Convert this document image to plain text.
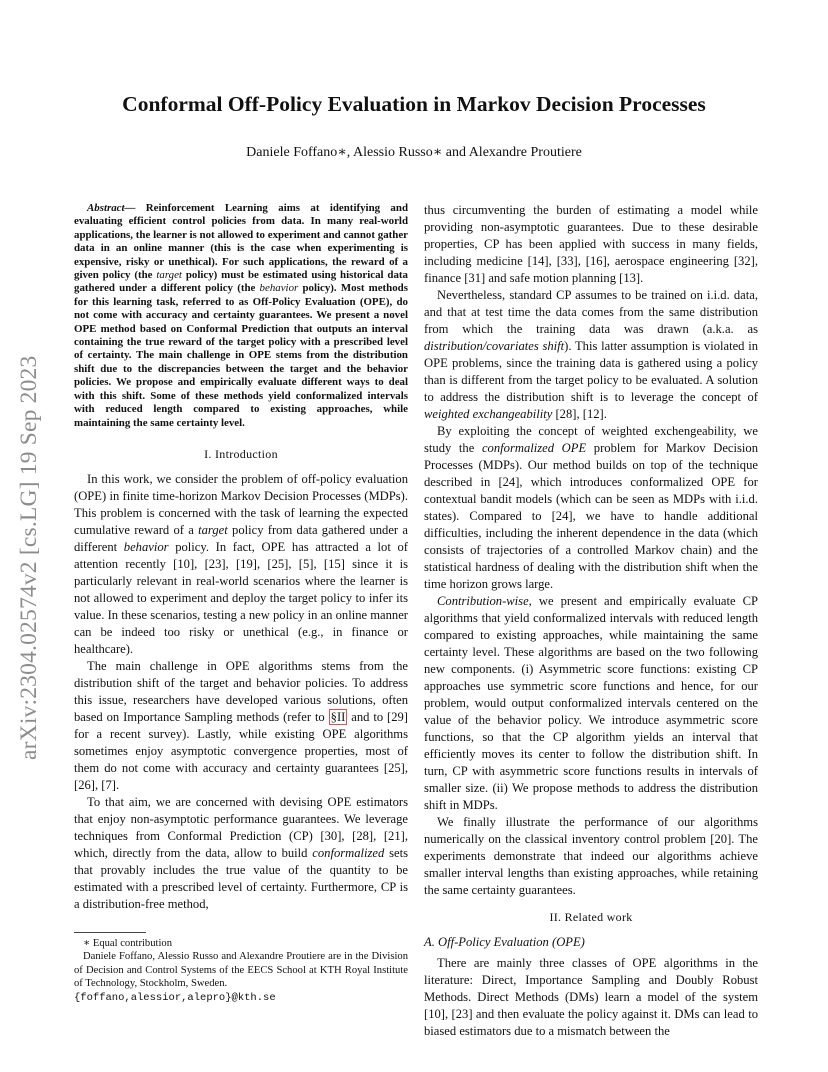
arXiv:2304.02574v2 [cs.LG] 19 Sep 2023
Conformal Off-Policy Evaluation in Markov Decision Processes
Daniele Foffano∗, Alessio Russo∗ and Alexandre Proutiere

Abstract— Reinforcement Learning aims at identifying and evaluating efficient control policies from data. In many real-world applications, the learner is not allowed to experiment and cannot gather data in an online manner (this is the case when experimenting is expensive, risky or unethical). For such applications, the reward of a given policy (the target policy) must be estimated using historical data gathered under a different policy (the behavior policy). Most methods for this learning task, referred to as Off-Policy Evaluation (OPE), do not come with accuracy and certainty guarantees. We present a novel OPE method based on Conformal Prediction that outputs an interval containing the true reward of the target policy with a prescribed level of certainty. The main challenge in OPE stems from the distribution shift due to the discrepancies between the target and the behavior policies. We propose and empirically evaluate different ways to deal with this shift. Some of these methods yield conformalized intervals with reduced length compared to existing approaches, while maintaining the same certainty level.

I. Introduction

In this work, we consider the problem of off-policy evaluation (OPE) in finite time-horizon Markov Decision Processes (MDPs). This problem is concerned with the task of learning the expected cumulative reward of a target policy from data gathered under a different behavior policy. In fact, OPE has attracted a lot of attention recently [10], [23], [19], [25], [5], [15] since it is particularly relevant in real-world scenarios where the learner is not allowed to experiment and deploy the target policy to infer its value. In these scenarios, testing a new policy in an online manner can be indeed too risky or unethical (e.g., in finance or healthcare).

The main challenge in OPE algorithms stems from the distribution shift of the target and behavior policies. To address this issue, researchers have developed various solutions, often based on Importance Sampling methods (refer to §II and to [29] for a recent survey). Lastly, while existing OPE algorithms sometimes enjoy asymptotic convergence properties, most of them do not come with accuracy and certainty guarantees [25], [26], [7].

To that aim, we are concerned with devising OPE estimators that enjoy non-asymptotic performance guarantees. We leverage techniques from Conformal Prediction (CP) [30], [28], [21], which, directly from the data, allow to build conformalized sets that provably includes the true value of the quantity to be estimated with a prescribed level of certainty. Furthermore, CP is a distribution-free method,

thus circumventing the burden of estimating a model while providing non-asymptotic guarantees. Due to these desirable properties, CP has been applied with success in many fields, including medicine [14], [33], [16], aerospace engineering [32], finance [31] and safe motion planning [13].

Nevertheless, standard CP assumes to be trained on i.i.d. data, and that at test time the data comes from the same distribution from which the training data was drawn (a.k.a. as distribution/covariates shift). This latter assumption is violated in OPE problems, since the training data is gathered using a policy than is different from the target policy to be evaluated. A solution to address the distribution shift is to leverage the concept of weighted exchangeability [28], [12].

By exploiting the concept of weighted exchengeability, we study the conformalized OPE problem for Markov Decision Processes (MDPs). Our method builds on top of the technique described in [24], which introduces conformalized OPE for contextual bandit models (which can be seen as MDPs with i.i.d. states). Compared to [24], we have to handle additional difficulties, including the inherent dependence in the data (which consists of trajectories of a controlled Markov chain) and the statistical hardness of dealing with the distribution shift when the time horizon grows large.

Contribution-wise, we present and empirically evaluate CP algorithms that yield conformalized intervals with reduced length compared to existing approaches, while maintaining the same certainty level. These algorithms are based on the two following new components. (i) Asymmetric score functions: existing CP approaches use symmetric score functions and hence, for our problem, would output conformalized intervals centered on the value of the behavior policy. We introduce asymmetric score functions, so that the CP algorithm yields an interval that efficiently moves its center to follow the distribution shift. In turn, CP with asymmetric score functions results in intervals of smaller size. (ii) We propose methods to address the distribution shift in MDPs.

We finally illustrate the performance of our algorithms numerically on the classical inventory control problem [20]. The experiments demonstrate that indeed our algorithms achieve smaller interval lengths than existing approaches, while retaining the same certainty guarantees.

II. Related work
A. Off-Policy Evaluation (OPE)

There are mainly three classes of OPE algorithms in the literature: Direct, Importance Sampling and Doubly Robust Methods. Direct Methods (DMs) learn a model of the system [10], [23] and then evaluate the policy against it. DMs can lead to biased estimators due to a mismatch between the

∗ Equal contribution

Daniele Foffano, Alessio Russo and Alexandre Proutiere are in the Division of Decision and Control Systems of the EECS School at KTH Royal Institute of Technology, Stockholm, Sweden.

{foffano,alessior,alepro}@kth.se
